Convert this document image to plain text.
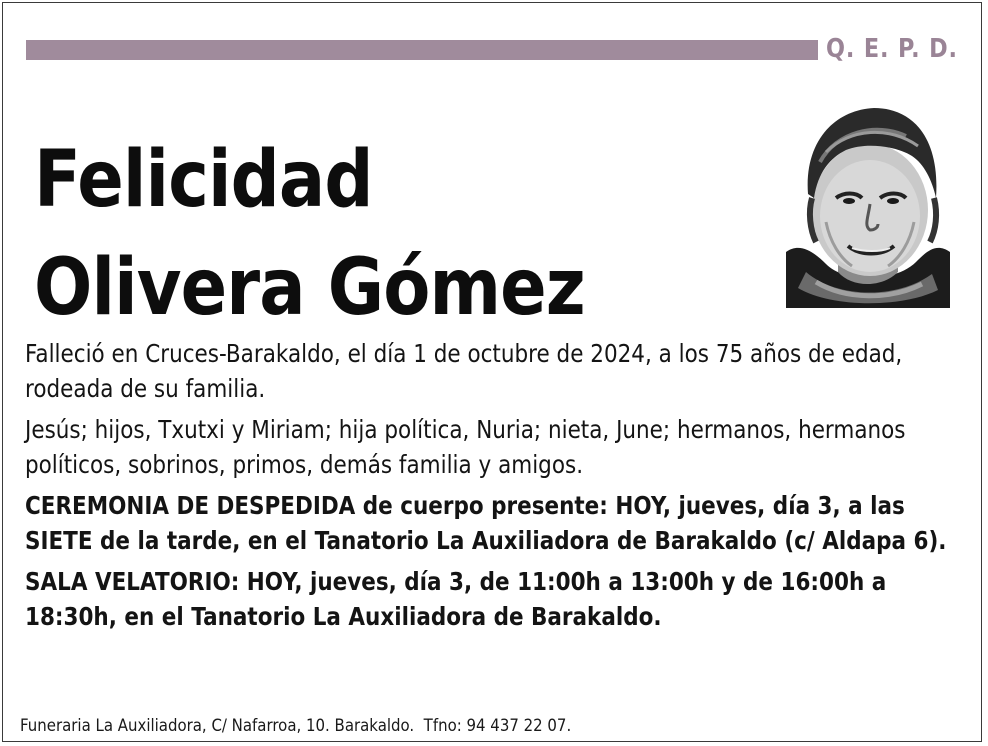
Q. E. P. D.
Felicidad
Olivera Gómez

Falleció en Cruces-Barakaldo, el día 1 de octubre de 2024, a los 75 años de edad, rodeada de su familia.

Jesús; hijos, Txutxi y Miriam; hija política, Nuria; nieta, June; hermanos, hermanos políticos, sobrinos, primos, demás familia y amigos.

CEREMONIA DE DESPEDIDA de cuerpo presente: HOY, jueves, día 3, a las SIETE de la tarde, en el Tanatorio La Auxiliadora de Barakaldo (c/ Aldapa 6).

SALA VELATORIO: HOY, jueves, día 3, de 11:00h a 13:00h y de 16:00h a 18:30h, en el Tanatorio La Auxiliadora de Barakaldo.

Funeraria La Auxiliadora, C/ Nafarroa, 10. Barakaldo.  Tfno: 94 437 22 07.
